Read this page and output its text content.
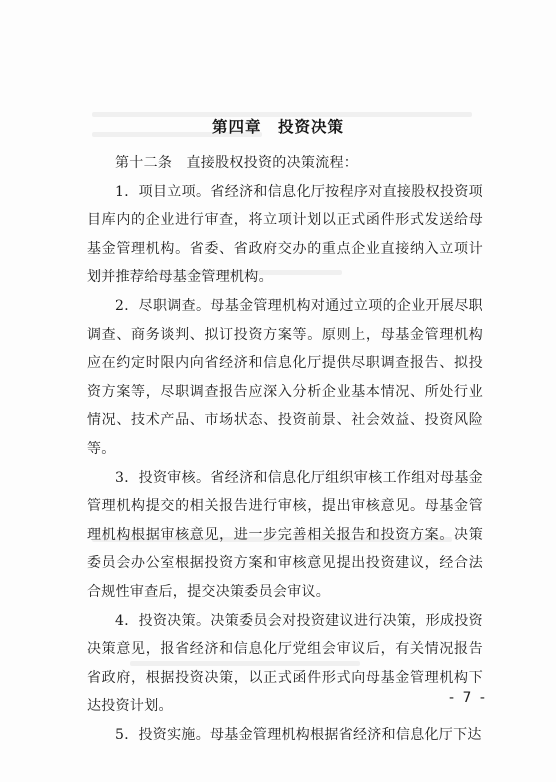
第四章　投资决策

第十二条　直接股权投资的决策流程：

1．项目立项。省经济和信息化厅按程序对直接股权投资项目库内的企业进行审查，将立项计划以正式函件形式发送给母基金管理机构。省委、省政府交办的重点企业直接纳入立项计划并推荐给母基金管理机构。

2．尽职调查。母基金管理机构对通过立项的企业开展尽职调查、商务谈判、拟订投资方案等。原则上，母基金管理机构应在约定时限内向省经济和信息化厅提供尽职调查报告、拟投资方案等，尽职调查报告应深入分析企业基本情况、所处行业情况、技术产品、市场状态、投资前景、社会效益、投资风险等。

3．投资审核。省经济和信息化厅组织审核工作组对母基金管理机构提交的相关报告进行审核，提出审核意见。母基金管理机构根据审核意见，进一步完善相关报告和投资方案。决策委员会办公室根据投资方案和审核意见提出投资建议，经合法合规性审查后，提交决策委员会审议。

4．投资决策。决策委员会对投资建议进行决策，形成投资决策意见，报省经济和信息化厅党组会审议后，有关情况报告省政府，根据投资决策，以正式函件形式向母基金管理机构下达投资计划。

5．投资实施。母基金管理机构根据省经济和信息化厅下达

- 7 -
